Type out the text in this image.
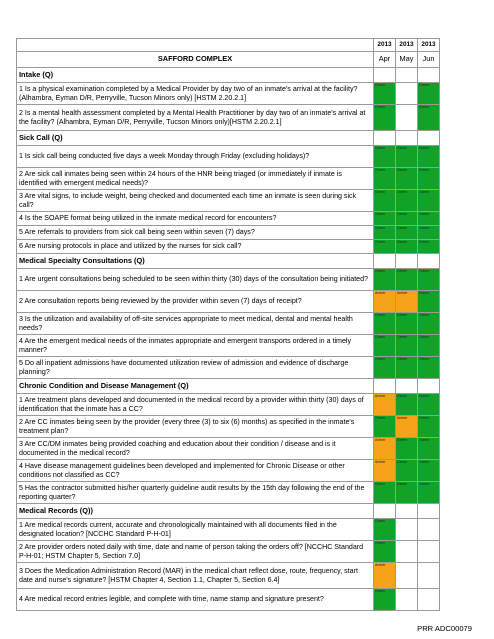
	2013	2013	2013
SAFFORD COMPLEX	Apr	May	Jun
Intake (Q)			
1 Is a physical examination completed by a Medical Provider by day two of an inmate's arrival at the facility? (Alhambra, Eyman D/R, Perryville, Tucson Minors only) [HSTM 2.20.2.1]	Green		Green

2 Is a mental health assessment completed by a Mental Health Practitioner by day two of an inmate's arrival at the facility? (Alhambra, Eyman D/R, Perryville, Tucson Minors only)[HSTM 2.20.2.1]	Green		Green

Sick Call (Q)			
1 Is sick call being conducted five days a week Monday through Friday (excluding holidays)?	Green	Green	Green

2 Are sick call inmates being seen within 24 hours of the HNR being triaged (or immediately if inmate is identified with emergent medical needs)?	Green	Green	Green

3 Are vital signs, to include weight, being checked and documented each time an inmate is seen during sick call?	Green	Green	Green

4 Is the SOAPE format being utilized in the inmate medical record for encounters?	Green	Green	Green

5 Are referrals to providers from sick call being seen within seven (7) days?	Green	Green	Green

6 Are nursing protocols in place and utilized by the nurses for sick call?	Green	Green	Green

Medical Specialty Consultations (Q)			
1 Are urgent consultations being scheduled to be seen within thirty (30) days of the consultation being initiated?	Green	Green	Green

2 Are consultation reports being reviewed by the provider within seven (7) days of receipt?	Amber	Amber	Green

3 Is the utilization and availability of off-site services appropriate to meet medical, dental and mental health needs?	Green	Green	Green

4 Are the emergent medical needs of the inmates appropriate and emergent transports ordered in a timely manner?	Green	Green	Green

5 Do all inpatient admissions have documented utilization review of admission and evidence of discharge planning?	Green	Green	Green

Chronic Condition and Disease Management (Q)			
1 Are treatment plans developed and documented in the medical record by a provider within thirty (30) days of identification that the inmate has a CC?	Amber	Green	Green

2 Are CC inmates being seen by the provider (every three (3) to six (6) months) as specified in the inmate's treatment plan?	Green	Amber	Green

3 Are CC/DM inmates being provided coaching and education about their condition / disease and is it documented in the medical record?	Amber	Green	Green

4 Have disease management guidelines been developed and implemented for Chronic Disease or other conditions not classified as CC?	Amber	Green	Green

5 Has the contractor submitted his/her quarterly guideline audit results by the 15th day following the end of the reporting quarter?	Green	Green	Green

Medical Records (Q))			
1 Are medical records current, accurate and chronologically maintained with all documents filed in the designated location? [NCCHC Standard P-H-01]	Green		

2 Are provider orders noted daily with time, date and name of person taking the orders off? [NCCHC Standard P-H-01; HSTM Chapter 5, Section 7.0]	Green		

3 Does the Medication Administration Record (MAR) in the medical chart reflect dose, route, frequency, start date and nurse's signature? [HSTM Chapter 4, Section 1.1, Chapter 5, Section 6.4]	Amber		

4 Are medical record entries legible, and complete with time, name stamp and signature present?	Green		

PRR ADC00079
